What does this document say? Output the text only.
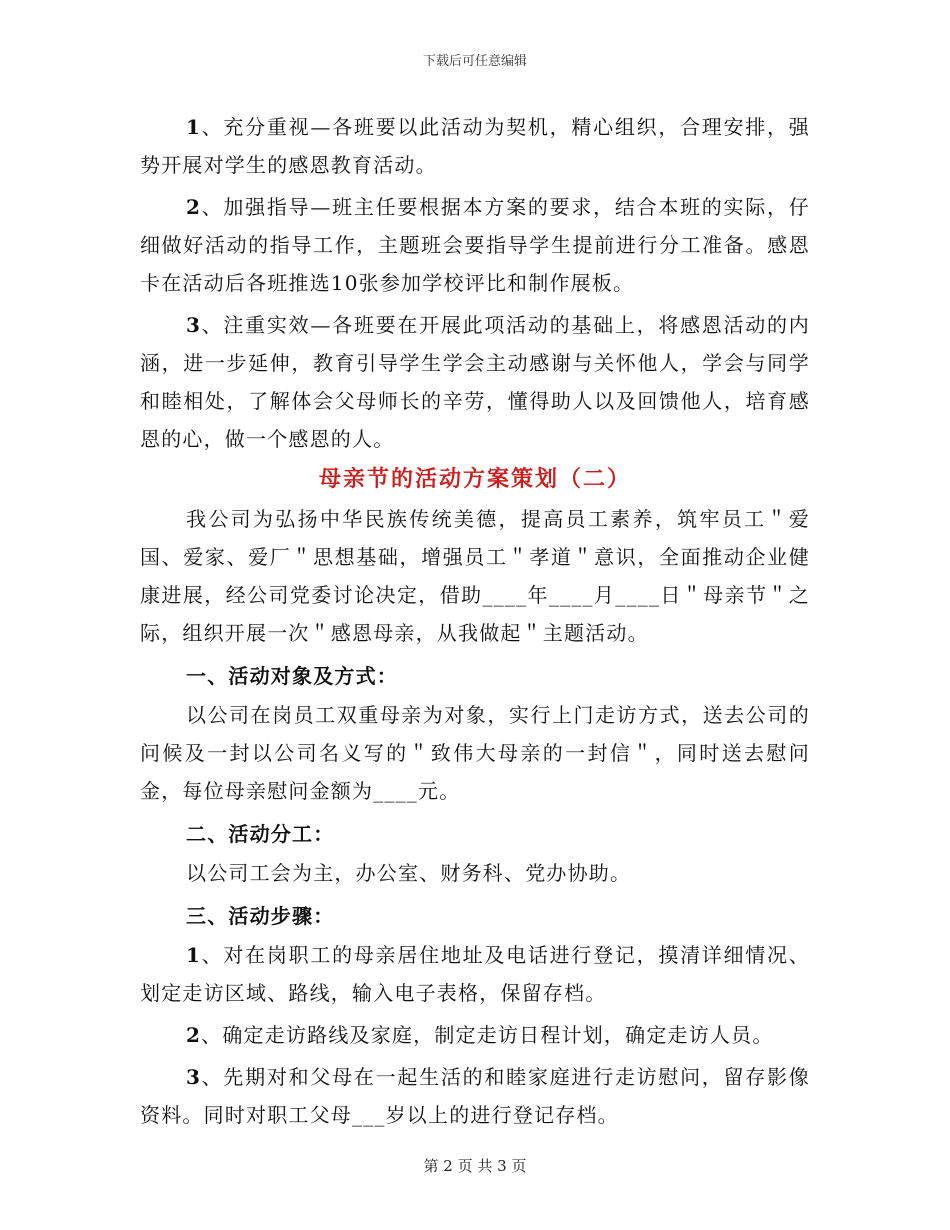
下载后可任意编辑

1、充分重视—各班要以此活动为契机，精心组织，合理安排，强势开展对学生的感恩教育活动。

2、加强指导—班主任要根据本方案的要求，结合本班的实际，仔细做好活动的指导工作，主题班会要指导学生提前进行分工准备。感恩卡在活动后各班推选10张参加学校评比和制作展板。

3、注重实效—各班要在开展此项活动的基础上，将感恩活动的内涵，进一步延伸，教育引导学生学会主动感谢与关怀他人，学会与同学和睦相处，了解体会父母师长的辛劳，懂得助人以及回馈他人，培育感恩的心，做一个感恩的人。

母亲节的活动方案策划（二）

我公司为弘扬中华民族传统美德，提高员工素养，筑牢员工＂爱国、爱家、爱厂＂思想基础，增强员工＂孝道＂意识，全面推动企业健康进展，经公司党委讨论决定，借助____年____月____日＂母亲节＂之际，组织开展一次＂感恩母亲，从我做起＂主题活动。

一、活动对象及方式：

以公司在岗员工双重母亲为对象，实行上门走访方式，送去公司的问候及一封以公司名义写的＂致伟大母亲的一封信＂，同时送去慰问金，每位母亲慰问金额为____元。

二、活动分工：

以公司工会为主，办公室、财务科、党办协助。

三、活动步骤：

1、对在岗职工的母亲居住地址及电话进行登记，摸清详细情况、划定走访区域、路线，输入电子表格，保留存档。

2、确定走访路线及家庭，制定走访日程计划，确定走访人员。

3、先期对和父母在一起生活的和睦家庭进行走访慰问，留存影像资料。同时对职工父母___岁以上的进行登记存档。

第 2 页 共 3 页
